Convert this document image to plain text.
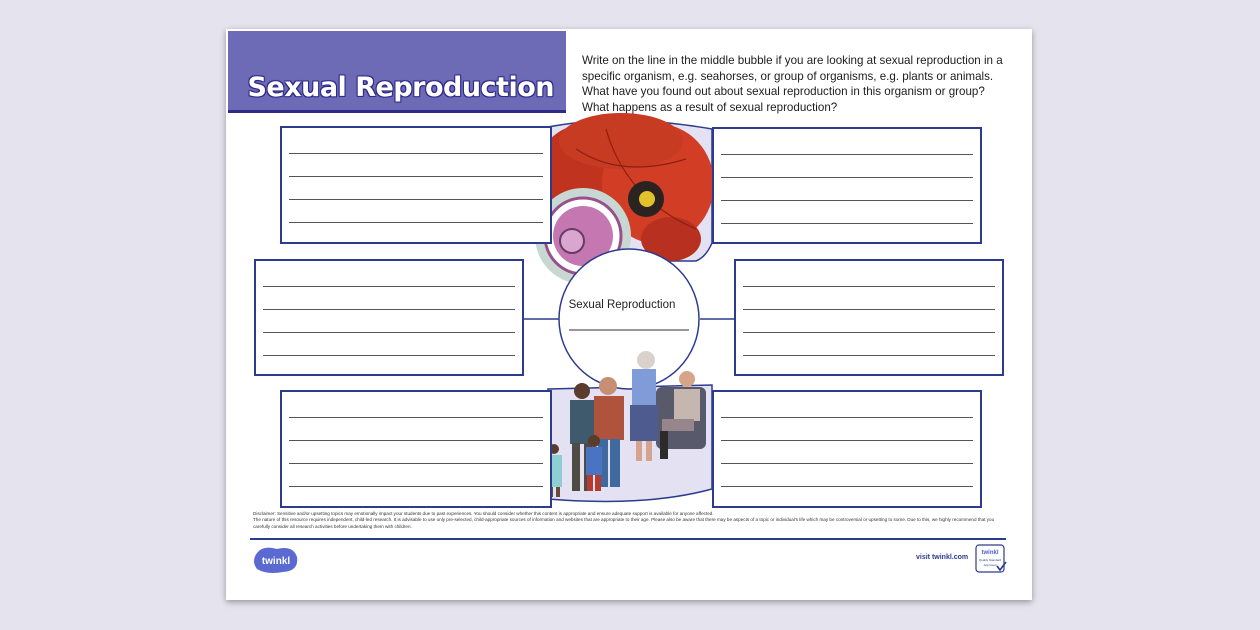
Sexual Reproduction

Write on the line in the middle bubble if you are looking at sexual reproduction in a specific organism, e.g. seahorses, or group of organisms, e.g. plants or animals. What have you found out about sexual reproduction in this organism or group? What happens as a result of sexual reproduction?

Sexual Reproduction

Disclaimer: Sensitive and/or upsetting topics may emotionally impact your students due to past experiences. You should consider whether this content is appropriate and ensure adequate support is available for anyone affected.

The nature of this resource requires independent, child-led research. It is advisable to use only pre-selected, child-appropriate sources of information and websites that are appropriate to their age. Please also be aware that there may be aspects of a topic or individual's life which may be controversial or upsetting to some. Due to this, we highly recommend that you carefully consider all research activities before undertaking them with children.

twinkl	visit twinkl.com
twinkl
Quality Standard
Approved
